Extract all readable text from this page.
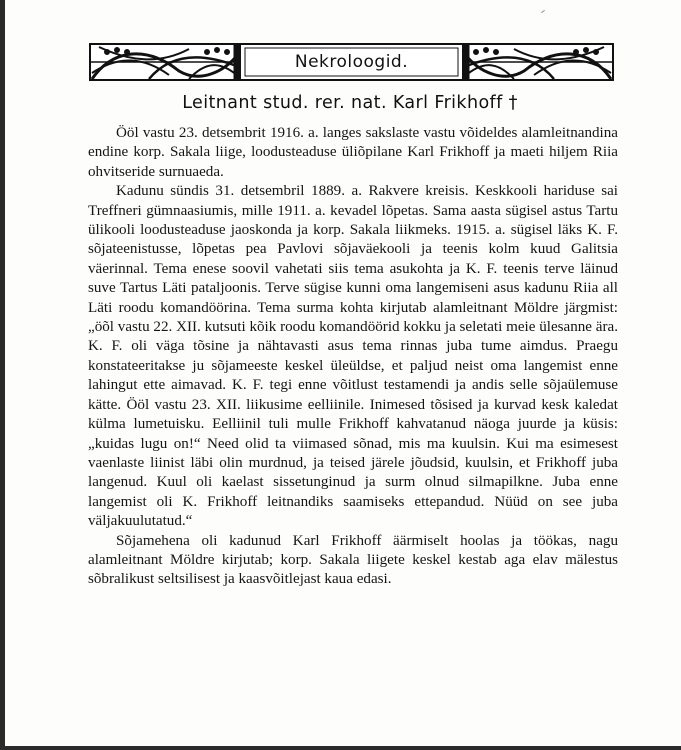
Nekroloogid.
Leitnant stud. rer. nat. Karl Frikhoff †

Ööl vastu 23. detsembrit 1916. a. langes sakslaste vastu võideldes alamleitnandina endine korp. Sakala liige, loodusteaduse üliõpilane Karl Frikhoff ja maeti hiljem Riia ohvitseride surnuaeda.

Kadunu sündis 31. detsembril 1889. a. Rakvere kreisis. Keskkooli hariduse sai Treffneri gümnaasiumis, mille 1911. a. kevadel lõpetas. Sama aasta sügisel astus Tartu ülikooli loodusteaduse jaoskonda ja korp. Sakala liikmeks. 1915. a. sügisel läks K. F. sõjateenistusse, lõpetas pea Pavlovi sõjaväekooli ja teenis kolm kuud Galitsia väerinnal. Tema enese soovil vahetati siis tema asukohta ja K. F. teenis terve läinud suve Tartus Läti pataljoonis. Terve sügise kunni oma langemiseni asus kadunu Riia all Läti roodu komandöörina. Tema surma kohta kirjutab alamleitnant Möldre järgmist: „öõl vastu 22. XII. kutsuti kõik roodu komandöörid kokku ja seletati meie ülesanne ära. K. F. oli väga tõsine ja nähtavasti asus tema rinnas juba tume aimdus. Praegu konstateeritakse ju sõjameeste keskel üleüldse, et paljud neist oma langemist enne lahingut ette aimavad. K. F. tegi enne võitlust testamendi ja andis selle sõjaülemuse kätte. Ööl vastu 23. XII. liikusime eelliinile. Inimesed tõsised ja kurvad kesk kaledat külma lumetuisku. Eelliinil tuli mulle Frikhoff kahvatanud näoga juurde ja küsis: „kuidas lugu on!“ Need olid ta viimased sõnad, mis ma kuulsin. Kui ma esimesest vaenlaste liinist läbi olin murdnud, ja teised järele jõudsid, kuulsin, et Frikhoff juba langenud. Kuul oli kaelast sissetunginud ja surm olnud silmapilkne. Juba enne langemist oli K. Frikhoff leitnandiks saamiseks ettepandud. Nüüd on see juba väljakuulutatud.“

Sõjamehena oli kadunud Karl Frikhoff äärmiselt hoolas ja töökas, nagu alamleitnant Möldre kirjutab; korp. Sakala liigete keskel kestab aga elav mälestus sõbralikust seltsilisest ja kaasvõitlejast kaua edasi.
